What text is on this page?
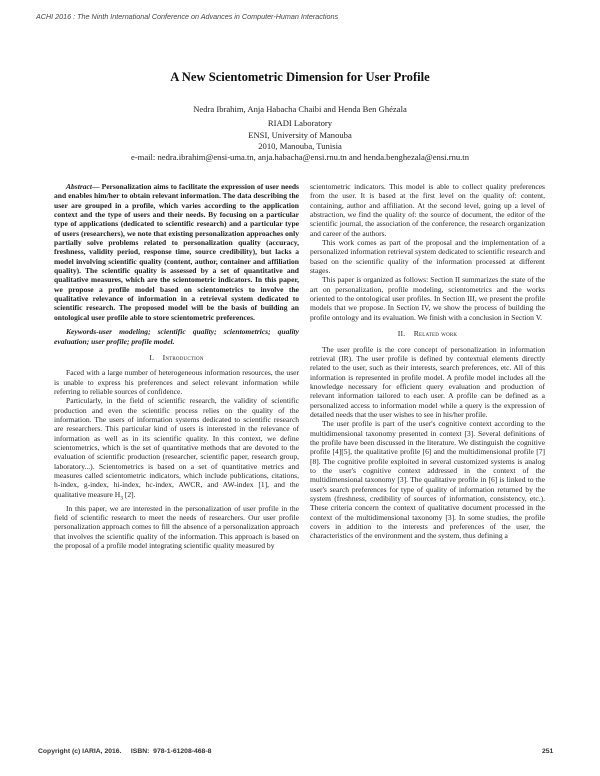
ACHI 2016 : The Ninth International Conference on Advances in Computer-Human Interactions
A New Scientometric Dimension for User Profile
Nedra Ibrahim, Anja Habacha Chaibi and Henda Ben Ghézala
RIADI Laboratory
ENSI, University of Manouba
2010, Manouba, Tunisia
e-mail: nedra.ibrahim@ensi-uma.tn, anja.habacha@ensi.rnu.tn and henda.benghezala@ensi.rnu.tn

Abstract— Personalization aims to facilitate the expression of user needs and enables him/her to obtain relevant information. The data describing the user are grouped in a profile, which varies according to the application context and the type of users and their needs. By focusing on a particular type of applications (dedicated to scientific research) and a particular type of users (researchers), we note that existing personalization approaches only partially solve problems related to personalization quality (accuracy, freshness, validity period, response time, source credibility), but lacks a model involving scientific quality (content, author, container and affiliation quality). The scientific quality is assessed by a set of quantitative and qualitative measures, which are the scientometric indicators. In this paper, we propose a profile model based on scientometrics to involve the qualitative relevance of information in a retrieval system dedicated to scientific research. The proposed model will be the basis of building an ontological user profile able to store scientometric preferences.

Keywords-user modeling; scientific quality; scientometrics; quality evaluation; user profile; profile model.

I. Introduction

Faced with a large number of heterogeneous information resources, the user is unable to express his preferences and select relevant information while referring to reliable sources of confidence.

Particularly, in the field of scientific research, the validity of scientific production and even the scientific process relies on the quality of the information. The users of information systems dedicated to scientific research are researchers. This particular kind of users is interested in the relevance of information as well as in its scientific quality. In this context, we define scientometrics, which is the set of quantitative methods that are devoted to the evaluation of scientific production (researcher, scientific paper, research group, laboratory...). Scientometrics is based on a set of quantitative metrics and measures called scientometric indicators, which include publications, citations, h-index, g-index, hi-index, hc-index, AWCR, and AW-index [1], and the qualitative measure $H_3$ [2].

In this paper, we are interested in the personalization of user profile in the field of scientific research to meet the needs of researchers. Our user profile personalization approach comes to fill the absence of a personalization approach that involves the scientific quality of the information. This approach is based on the proposal of a profile model integrating scientific quality measured by

scientometric indicators. This model is able to collect quality preferences from the user. It is based at the first level on the quality of: content, containing, author and affiliation. At the second level, going up a level of abstraction, we find the quality of: the source of document, the editor of the scientific journal, the association of the conference, the research organization and career of the authors.

This work comes as part of the proposal and the implementation of a personalized information retrieval system dedicated to scientific research and based on the scientific quality of the information processed at different stages.

This paper is organized as follows: Section II summarizes the state of the art on personalization, profile modeling, scientometrics and the works oriented to the ontological user profiles. In Section III, we present the profile models that we propose. In Section IV, we show the process of building the profile ontology and its evaluation. We finish with a conclusion in Section V.

II. Related work

The user profile is the core concept of personalization in information retrieval (IR). The user profile is defined by contextual elements directly related to the user, such as their interests, search preferences, etc. All of this information is represented in profile model. A profile model includes all the knowledge necessary for efficient query evaluation and production of relevant information tailored to each user. A profile can be defined as a personalized access to information model while a query is the expression of detailed needs that the user wishes to see in his/her profile.

The user profile is part of the user's cognitive context according to the multidimensional taxonomy presented in context [3]. Several definitions of the profile have been discussed in the literature. We distinguish the cognitive profile [4][5], the qualitative profile [6] and the multidimensional profile [7][8]. The cognitive profile exploited in several customized systems is analog to the user's cognitive context addressed in the context of the multidimensional taxonomy [3]. The qualitative profile in [6] is linked to the user's search preferences for type of quality of information returned by the system (freshness, credibility of sources of information, consistency, etc.). These criteria concern the context of qualitative document processed in the context of the multidimensional taxonomy [3]. In some studies, the profile covers in addition to the interests and preferences of the user, the characteristics of the environment and the system, thus defining a

Copyright (c) IARIA, 2016.     ISBN:  978-1-61208-468-8	251
